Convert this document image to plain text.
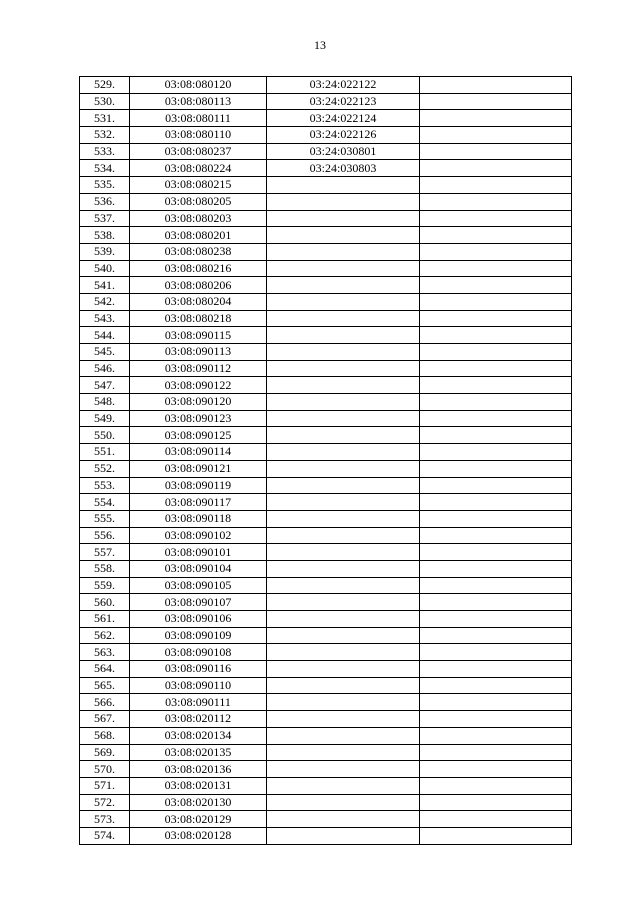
13
529.	03:08:080120	03:24:022122	
530.	03:08:080113	03:24:022123	
531.	03:08:080111	03:24:022124	
532.	03:08:080110	03:24:022126	
533.	03:08:080237	03:24:030801	
534.	03:08:080224	03:24:030803	
535.	03:08:080215		
536.	03:08:080205		
537.	03:08:080203		
538.	03:08:080201		
539.	03:08:080238		
540.	03:08:080216		
541.	03:08:080206		
542.	03:08:080204		
543.	03:08:080218		
544.	03:08:090115		
545.	03:08:090113		
546.	03:08:090112		
547.	03:08:090122		
548.	03:08:090120		
549.	03:08:090123		
550.	03:08:090125		
551.	03:08:090114		
552.	03:08:090121		
553.	03:08:090119		
554.	03:08:090117		
555.	03:08:090118		
556.	03:08:090102		
557.	03:08:090101		
558.	03:08:090104		
559.	03:08:090105		
560.	03:08:090107		
561.	03:08:090106		
562.	03:08:090109		
563.	03:08:090108		
564.	03:08:090116		
565.	03:08:090110		
566.	03:08:090111		
567.	03:08:020112		
568.	03:08:020134		
569.	03:08:020135		
570.	03:08:020136		
571.	03:08:020131		
572.	03:08:020130		
573.	03:08:020129		
574.	03:08:020128		
